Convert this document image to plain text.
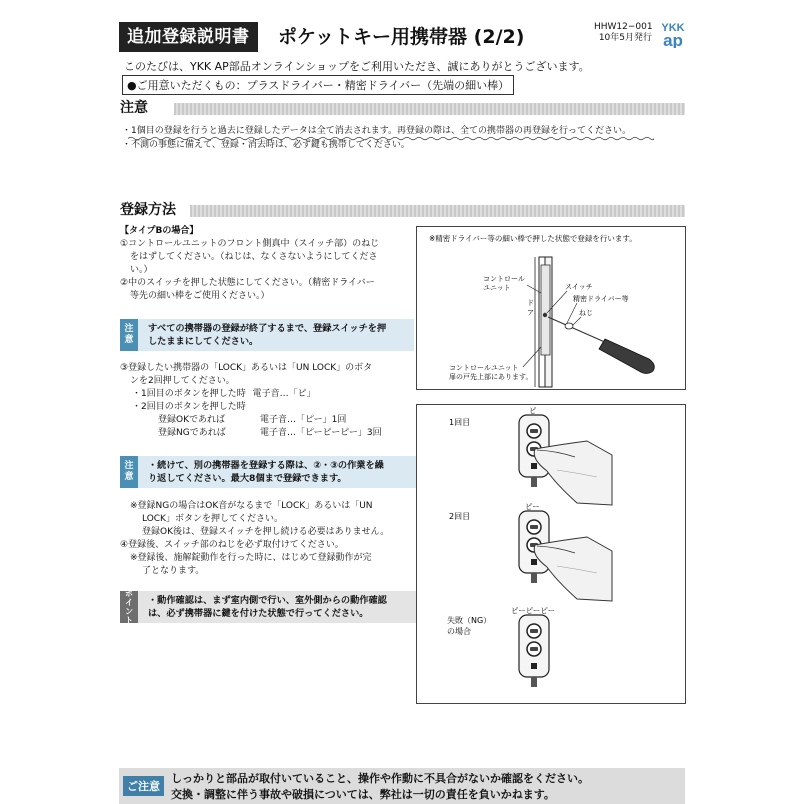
追加登録説明書	ポケットキー用携帯器 (2/2)	HHW12−001
10年5月発行
YKK
ap
このたびは、YKK AP部品オンラインショップをご利用いただき、誠にありがとうございます。
●ご用意いただくもの：プラスドライバー・精密ドライバー（先端の細い棒）
注意
・1個目の登録を行うと過去に登録したデータは全て消去されます。再登録の際は、全ての携帯器の再登録を行ってください。
・不測の事態に備えて、登録・消去時は、必ず鍵も携帯してください。
登録方法
【タイプBの場合】
①コントロールユニットのフロント側真中（スイッチ部）のねじ
をはずしてください。（ねじは、なくさないようにしてくださ
い。）
②中のスイッチを押した状態にしてください。（精密ドライバー
等先の細い棒をご使用ください。）
注
意
すべての携帯器の登録が終了するまで、登録スイッチを押
したままにしてください。
③登録したい携帯器の「LOCK」あるいは「UN LOCK」のボタ
ンを2回押してください。
・1回目のボタンを押した時 電子音…「ピ」
・2回目のボタンを押した時
登録OKであれば	電子音…「ピー」1回
登録NGであれば	電子音…「ピーピーピー」3回
注
意
・続けて、別の携帯器を登録する際は、②・③の作業を繰
り返してください。最大8個まで登録できます。
※登録NGの場合はOK音がなるまで「LOCK」あるいは「UN
LOCK」ボタンを押してください。
登録OK後は、登録スイッチを押し続ける必要はありません。
④登録後、スイッチ部のねじを必ず取付けてください。
※登録後、施解錠動作を行った時に、はじめて登録動作が完
了となります。
ポ
イ
ン
ト
・動作確認は、まず室内側で行い、室外側からの動作確認
は、必ず携帯器に鍵を付けた状態で行ってください。
※精密ドライバー等の細い棒で押した状態で登録を行います。
コントロール
ユニット
ド
ア
スイッチ
精密ドライバー等
ねじ
コントロールユニット
扉の戸先上部にあります。
1回目
ピ
2回目
ピー
失敗（NG）
の場合
ピーピーピー
ご注意
しっかりと部品が取付いていること、操作や作動に不具合がないか確認をください。
交換・調整に伴う事故や破損については、弊社は一切の責任を負いかねます。
